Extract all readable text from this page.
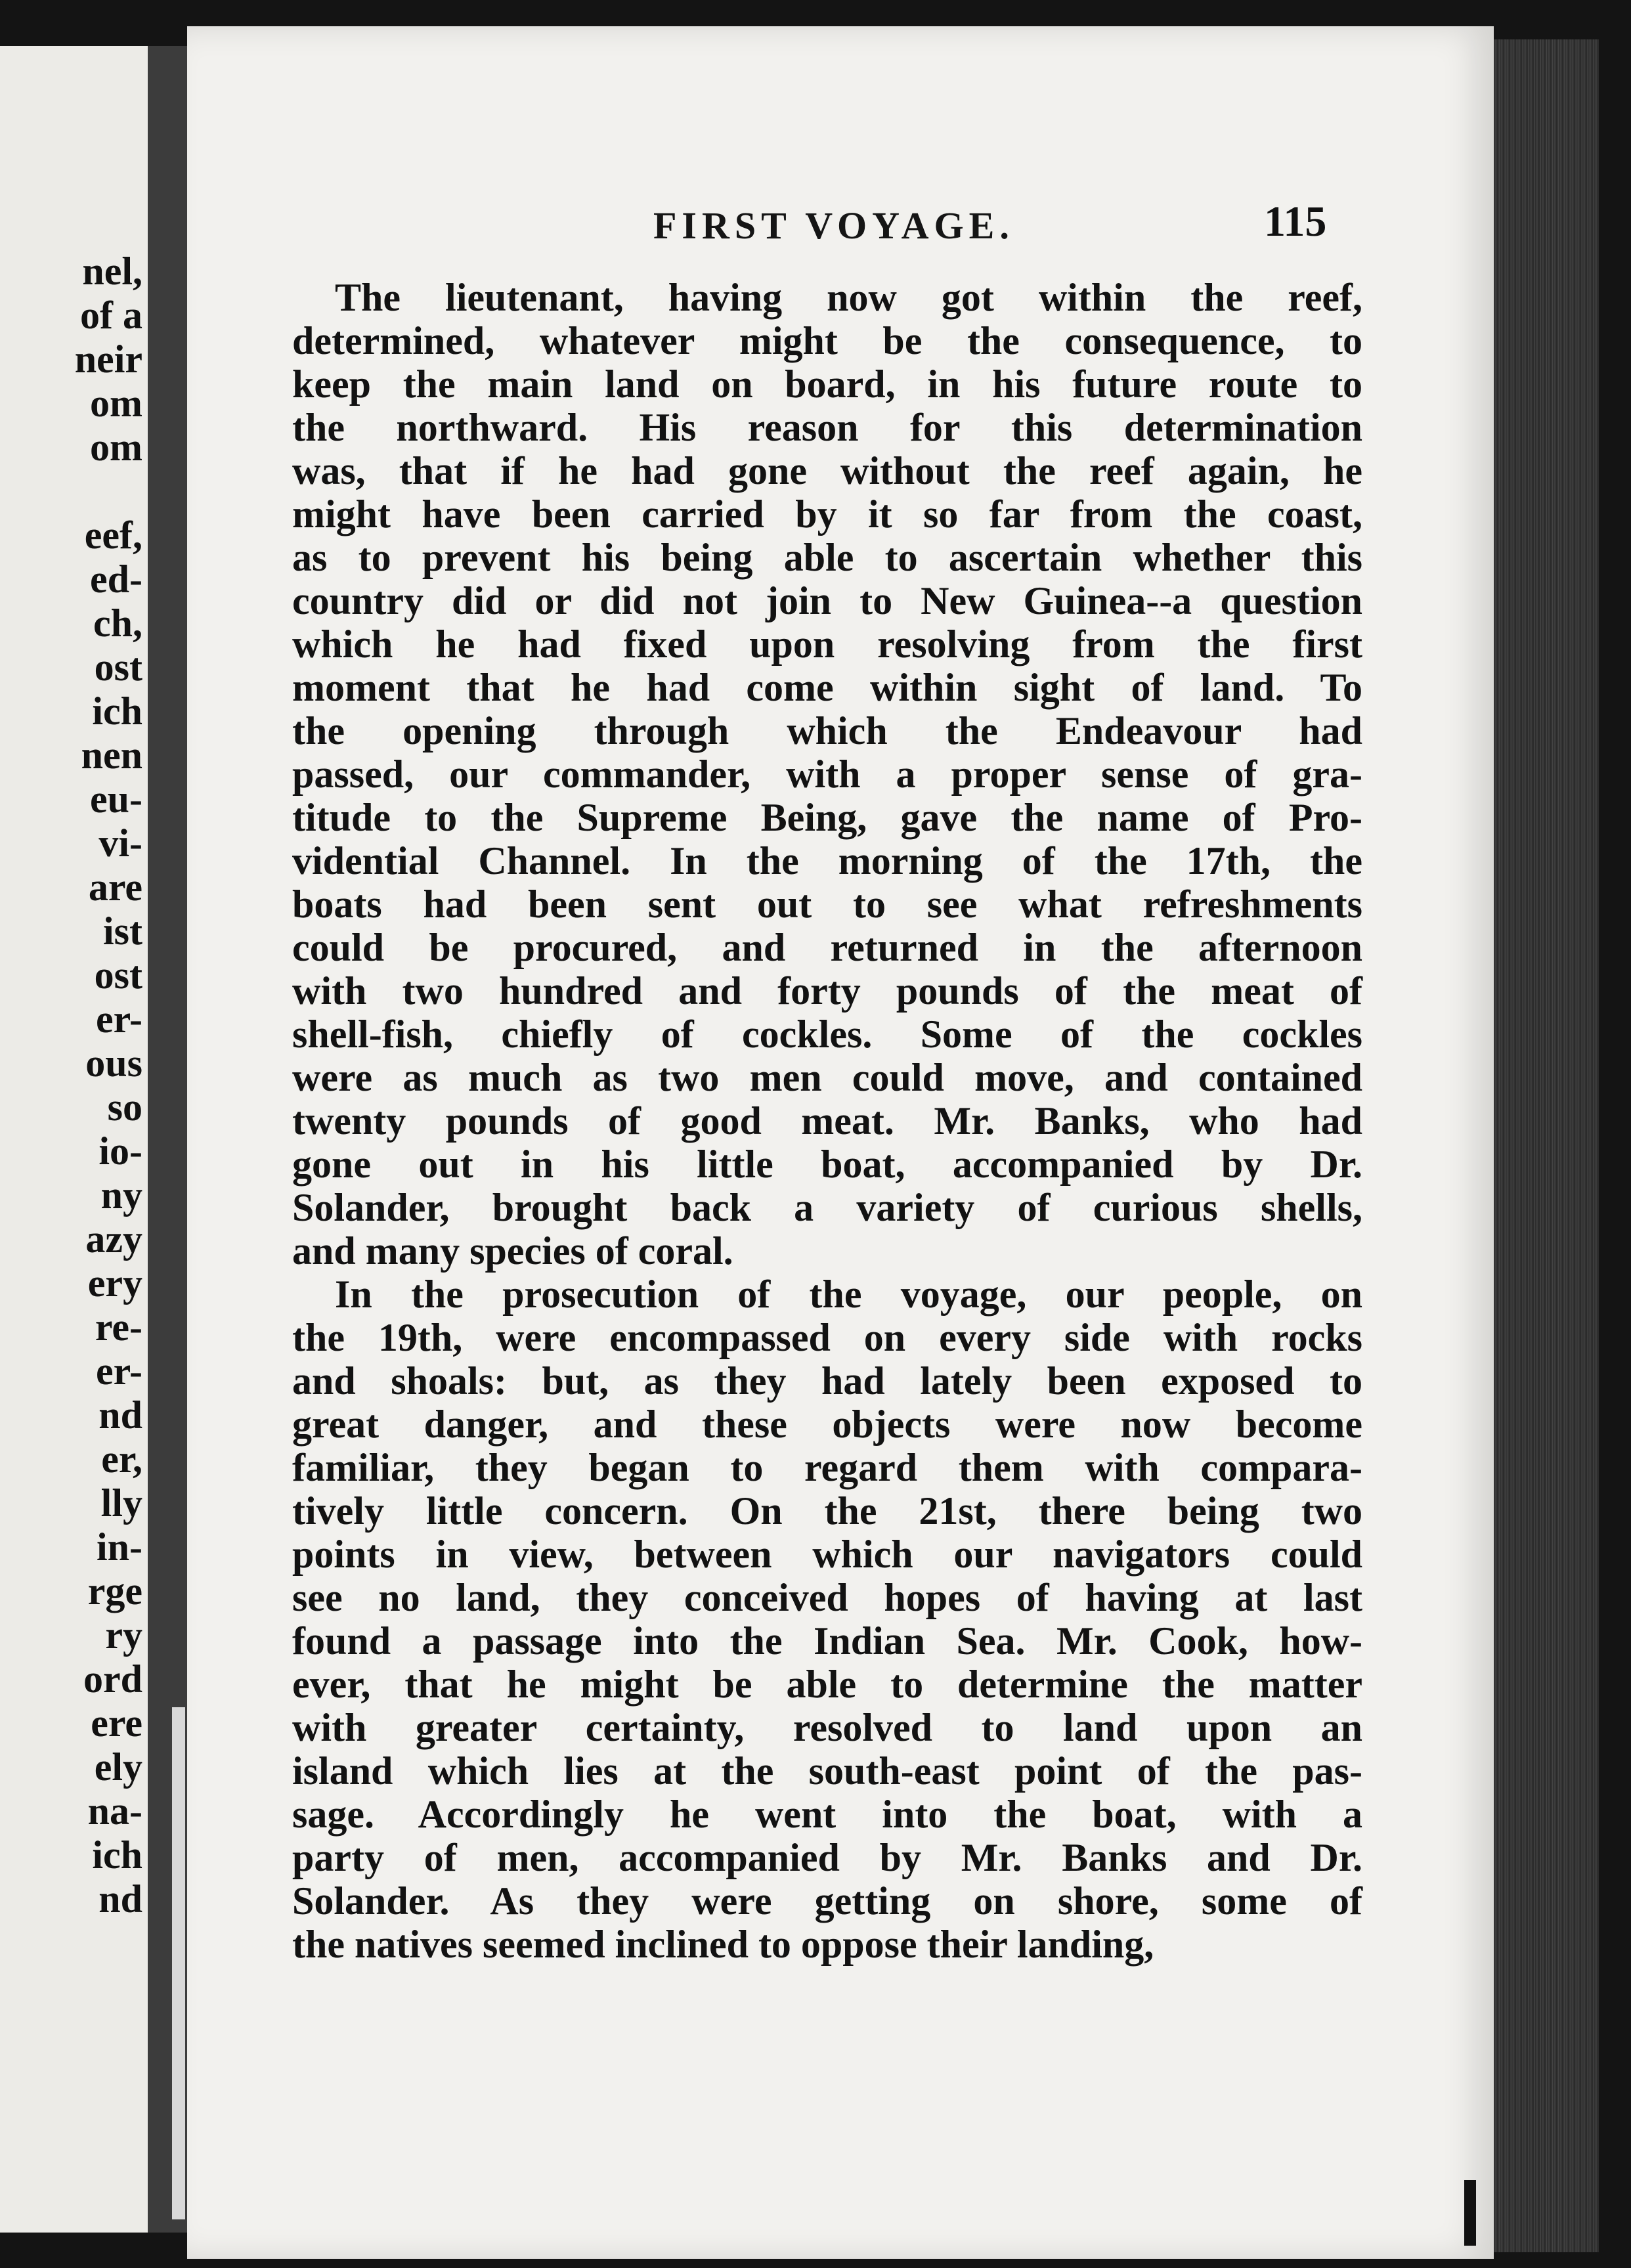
nel,
of a
neir
om
om
eef,
ed-
ch,
ost
ich
nen
eu-
vi-
are
ist
ost
er-
ous
so
io-
ny
azy
ery
re-
er-
nd
er,
lly
in-
rge
ry
ord
ere
ely
na-
ich
nd
FIRST VOYAGE.	115
The lieutenant, having now got within the reef,
determined, whatever might be the consequence, to
keep the main land on board, in his future route to
the northward. His reason for this determination
was, that if he had gone without the reef again, he
might have been carried by it so far from the coast,
as to prevent his being able to ascertain whether this
country did or did not join to New Guinea--a question
which he had fixed upon resolving from the first
moment that he had come within sight of land. To
the opening through which the Endeavour had
passed, our commander, with a proper sense of gra-
titude to the Supreme Being, gave the name of Pro-
vidential Channel. In the morning of the 17th, the
boats had been sent out to see what refreshments
could be procured, and returned in the afternoon
with two hundred and forty pounds of the meat of
shell-fish, chiefly of cockles. Some of the cockles
were as much as two men could move, and contained
twenty pounds of good meat. Mr. Banks, who had
gone out in his little boat, accompanied by Dr.
Solander, brought back a variety of curious shells,
and many species of coral.
In the prosecution of the voyage, our people, on
the 19th, were encompassed on every side with rocks
and shoals: but, as they had lately been exposed to
great danger, and these objects were now become
familiar, they began to regard them with compara-
tively little concern. On the 21st, there being two
points in view, between which our navigators could
see no land, they conceived hopes of having at last
found a passage into the Indian Sea. Mr. Cook, how-
ever, that he might be able to determine the matter
with greater certainty, resolved to land upon an
island which lies at the south-east point of the pas-
sage. Accordingly he went into the boat, with a
party of men, accompanied by Mr. Banks and Dr.
Solander. As they were getting on shore, some of
the natives seemed inclined to oppose their landing,
